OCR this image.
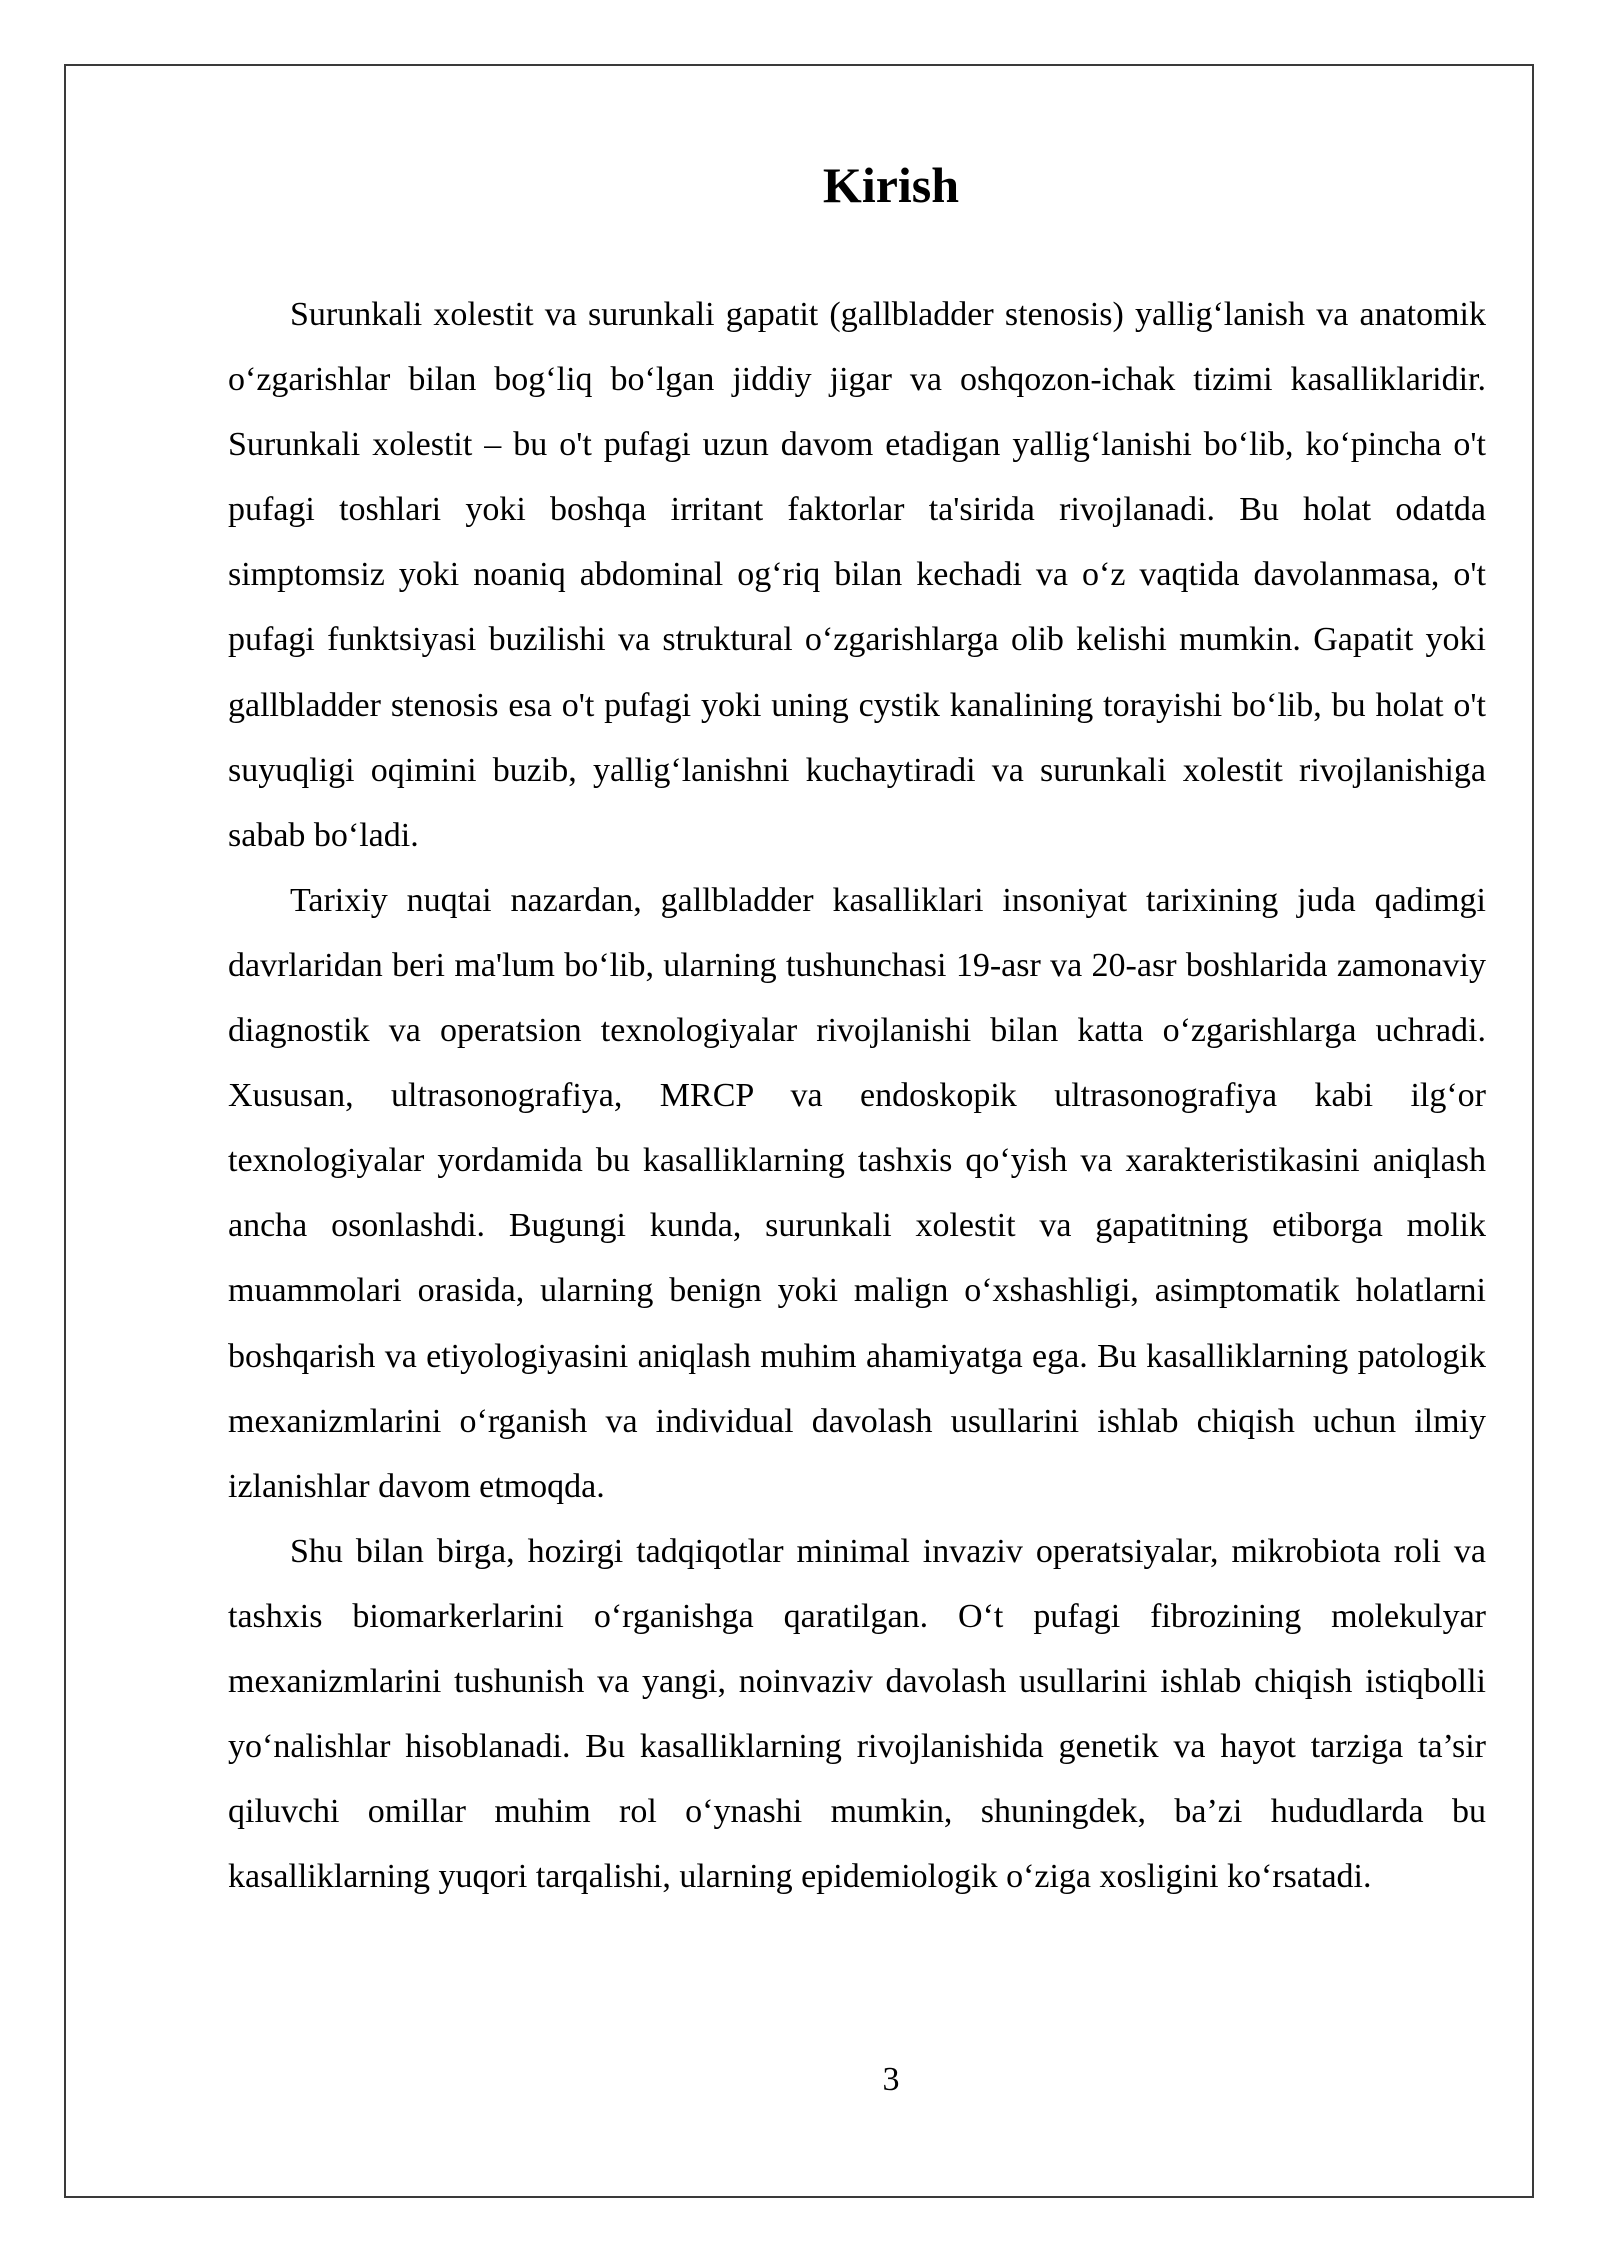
Kirish

Surunkali xolestit va surunkali gapatit (gallbladder stenosis) yallig‘lanish va anatomik o‘zgarishlar bilan bog‘liq bo‘lgan jiddiy jigar va oshqozon-ichak tizimi kasalliklaridir. Surunkali xolestit – bu o't pufagi uzun davom etadigan yallig‘lanishi bo‘lib, ko‘pincha o't pufagi toshlari yoki boshqa irritant faktorlar ta'sirida rivojlanadi. Bu holat odatda simptomsiz yoki noaniq abdominal og‘riq bilan kechadi va o‘z vaqtida davolanmasa, o't pufagi funktsiyasi buzilishi va struktural o‘zgarishlarga olib kelishi mumkin. Gapatit yoki gallbladder stenosis esa o't pufagi yoki uning cystik kanalining torayishi bo‘lib, bu holat o't suyuqligi oqimini buzib, yallig‘lanishni kuchaytiradi va surunkali xolestit rivojlanishiga sabab bo‘ladi.

Tarixiy nuqtai nazardan, gallbladder kasalliklari insoniyat tarixining juda qadimgi davrlaridan beri ma'lum bo‘lib, ularning tushunchasi 19-asr va 20-asr boshlarida zamonaviy diagnostik va operatsion texnologiyalar rivojlanishi bilan katta o‘zgarishlarga uchradi. Xususan, ultrasonografiya, MRCP va endoskopik ultrasonografiya kabi ilg‘or texnologiyalar yordamida bu kasalliklarning tashxis qo‘yish va xarakteristikasini aniqlash ancha osonlashdi. Bugungi kunda, surunkali xolestit va gapatitning etiborga molik muammolari orasida, ularning benign yoki malign o‘xshashligi, asimptomatik holatlarni boshqarish va etiyologiyasini aniqlash muhim ahamiyatga ega. Bu kasalliklarning patologik mexanizmlarini o‘rganish va individual davolash usullarini ishlab chiqish uchun ilmiy izlanishlar davom etmoqda.

Shu bilan birga, hozirgi tadqiqotlar minimal invaziv operatsiyalar, mikrobiota roli va tashxis biomarkerlarini o‘rganishga qaratilgan. O‘t pufagi fibrozining molekulyar mexanizmlarini tushunish va yangi, noinvaziv davolash usullarini ishlab chiqish istiqbolli yo‘nalishlar hisoblanadi. Bu kasalliklarning rivojlanishida genetik va hayot tarziga ta’sir qiluvchi omillar muhim rol o‘ynashi mumkin, shuningdek, ba’zi hududlarda bu kasalliklarning yuqori tarqalishi, ularning epidemiologik o‘ziga xosligini ko‘rsatadi.

3
